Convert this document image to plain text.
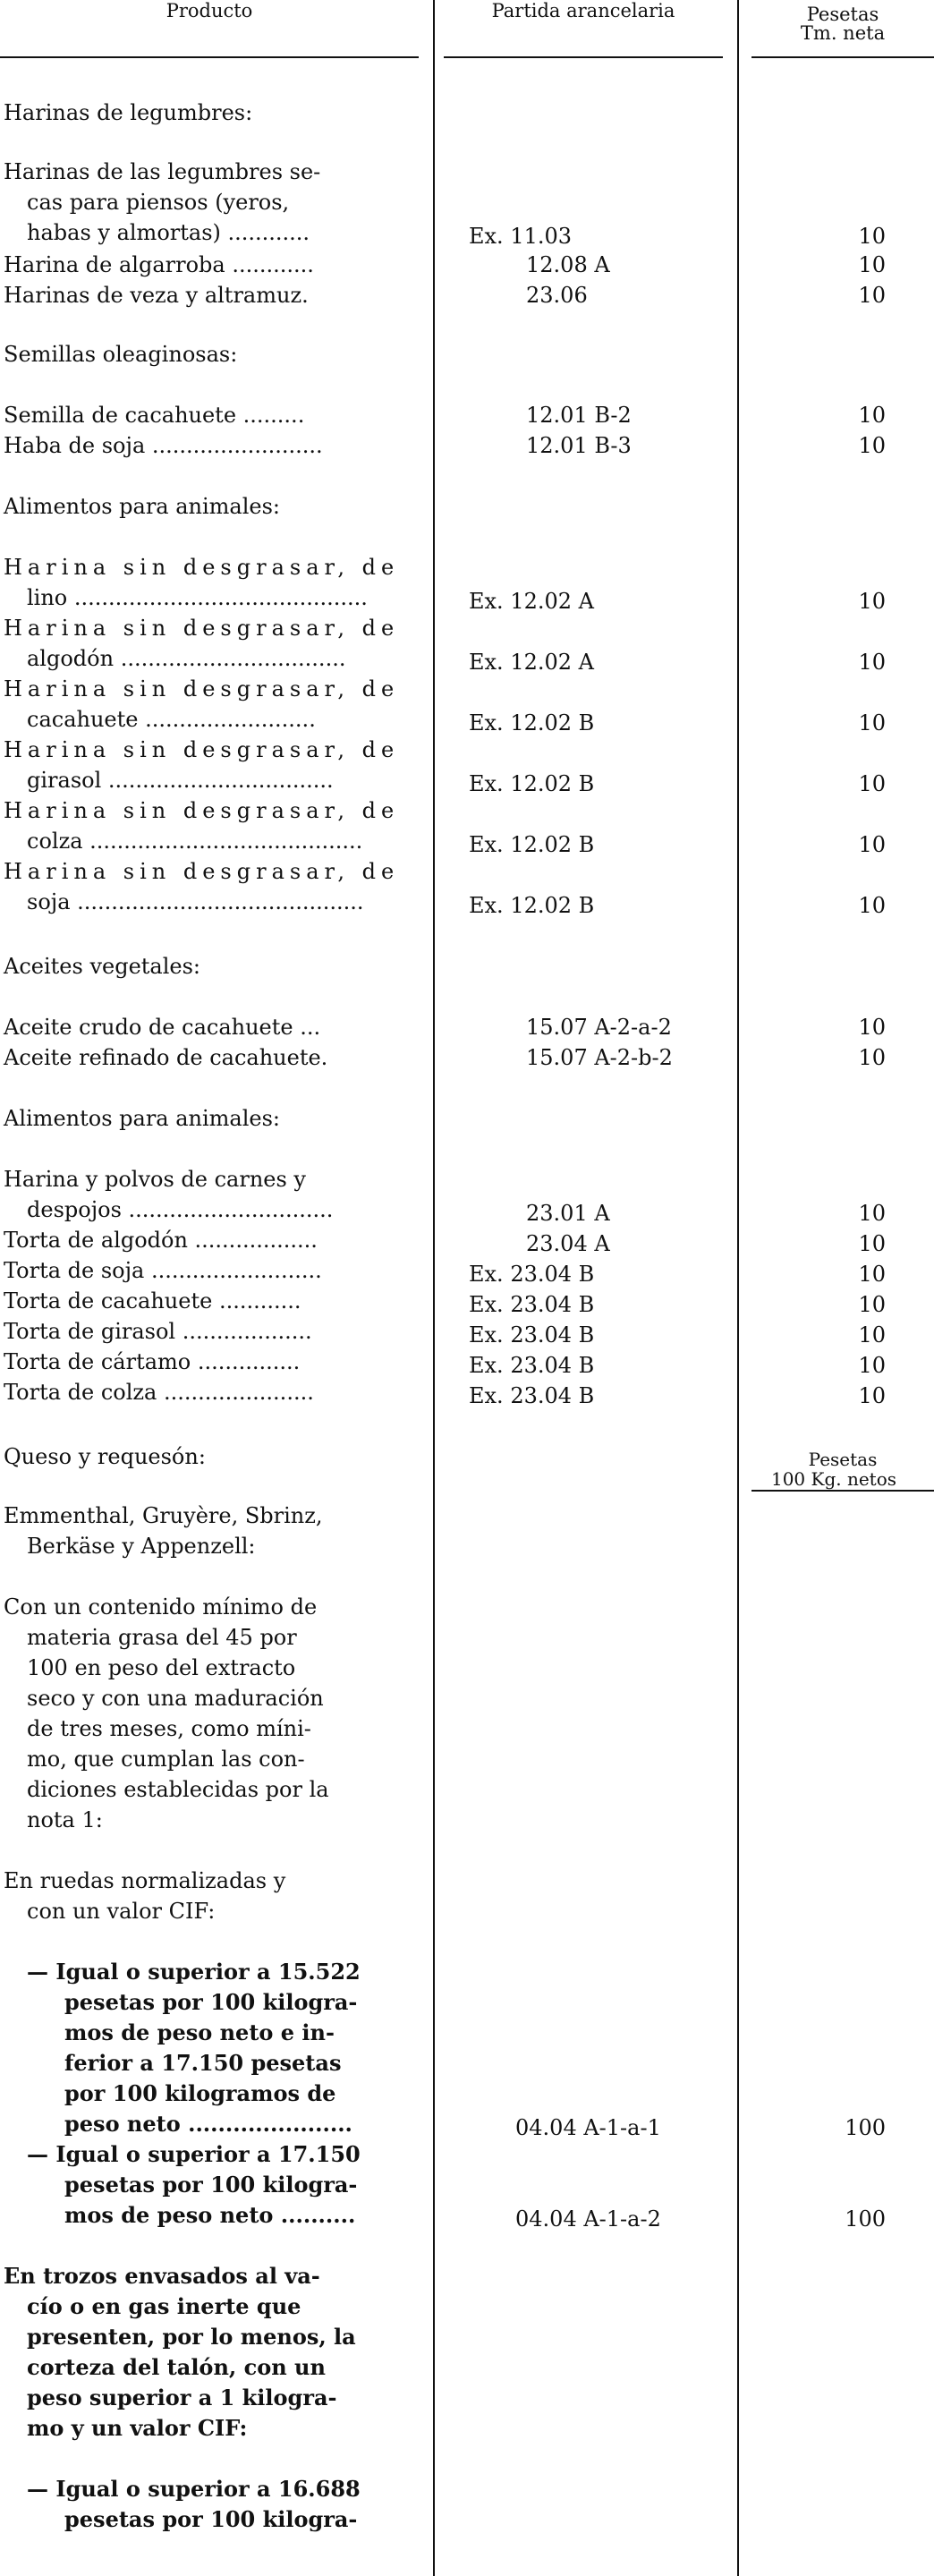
Producto	Partida arancelaria	Pesetas
Tm. neta
Harinas de legumbres:
Harinas de las legumbres se-
cas para piensos (yeros,
habas y almortas) ............	Ex. 11.03	10
Harina de algarroba ............	12.08 A	10
Harinas de veza y altramuz.	23.06	10
Semillas oleaginosas:
Semilla de cacahuete .........	12.01 B-2	10
Haba de soja .........................	12.01 B-3	10
Alimentos para animales:
Harina sin desgrasar, de
lino ...........................................	Ex. 12.02 A	10
Harina sin desgrasar, de
algodón .................................	Ex. 12.02 A	10
Harina sin desgrasar, de
cacahuete .........................	Ex. 12.02 B	10
Harina sin desgrasar, de
girasol .................................	Ex. 12.02 B	10
Harina sin desgrasar, de
colza ........................................	Ex. 12.02 B	10
Harina sin desgrasar, de
soja ..........................................	Ex. 12.02 B	10
Aceites vegetales:
Aceite crudo de cacahuete ...	15.07 A-2-a-2	10
Aceite refinado de cacahuete.	15.07 A-2-b-2	10
Alimentos para animales:
Harina y polvos de carnes y
despojos ..............................	23.01 A	10
Torta de algodón ..................	23.04 A	10
Torta de soja .........................	Ex. 23.04 B	10
Torta de cacahuete ............	Ex. 23.04 B	10
Torta de girasol ...................	Ex. 23.04 B	10
Torta de cártamo ...............	Ex. 23.04 B	10
Torta de colza ......................	Ex. 23.04 B	10
Queso y requesón:	Pesetas
100 Kg. netos
Emmenthal, Gruyère, Sbrinz,
Berkäse y Appenzell:
Con un contenido mínimo de
materia grasa del 45 por
100 en peso del extracto
seco y con una maduración
de tres meses, como míni-
mo, que cumplan las con-
diciones establecidas por la
nota 1:
En ruedas normalizadas y
con un valor CIF:
— Igual o superior a 15.522
pesetas por 100 kilogra-
mos de peso neto e in-
ferior a 17.150 pesetas
por 100 kilogramos de
peso neto ......................	04.04 A-1-a-1	100
— Igual o superior a 17.150
pesetas por 100 kilogra-
mos de peso neto ..........	04.04 A-1-a-2	100
En trozos envasados al va-
cío o en gas inerte que
presenten, por lo menos, la
corteza del talón, con un
peso superior a 1 kilogra-
mo y un valor CIF:
— Igual o superior a 16.688
pesetas por 100 kilogra-
